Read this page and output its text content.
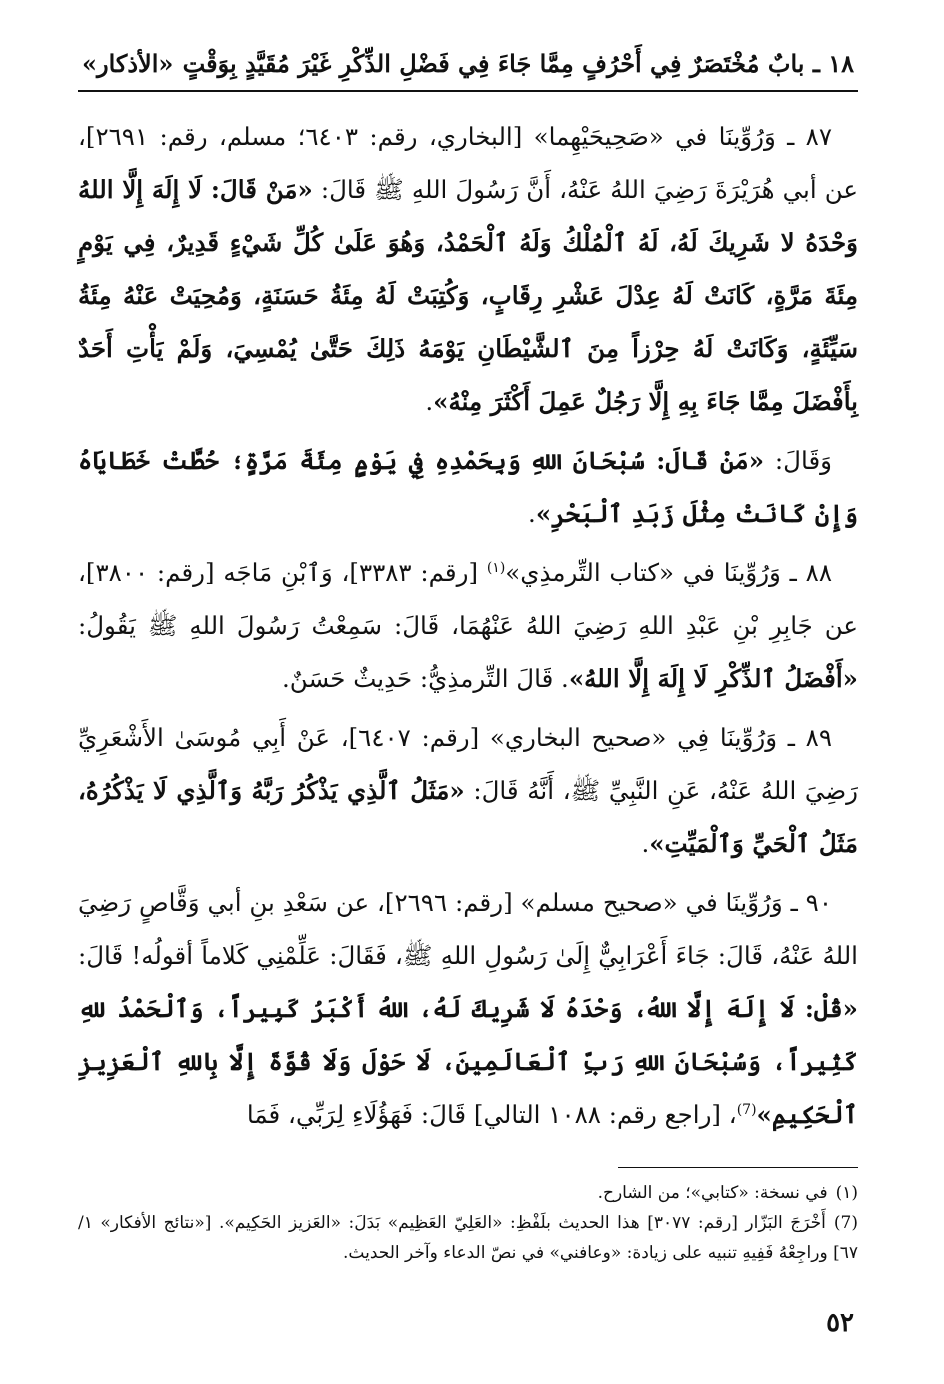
١٨ ـ بابٌ مُخْتَصَرٌ فِي أَحْرُفٍ مِمَّا جَاءَ فِي فَضْلِ الذِّكْرِ غَيْرَ مُقَيَّدٍ بِوَقْتٍ
«الأذكار»

٨٧ ـ وَرُوِّينَا في «صَحِيحَيْهِما» [البخاري، رقم: ٦٤٠٣؛ مسلم، رقم: ٢٦٩١]، عن أبي هُرَيْرَةَ رَضِيَ اللهُ عَنْهُ، أَنَّ رَسُولَ اللهِ ﷺ قَالَ: «مَنْ قَالَ: لَا إِلَهَ إِلَّا اللهُ وَحْدَهُ لا شَرِيكَ لَهُ، لَهُ ٱلْمُلْكُ وَلَهُ ٱلْحَمْدُ، وَهُوَ عَلَىٰ كُلِّ شَيْءٍ قَدِيرٌ، فِي يَوْمٍ مِئَةَ مَرَّةٍ، كَانَتْ لَهُ عِدْلَ عَشْرِ رِقَابٍ، وَكُتِبَتْ لَهُ مِئَةُ حَسَنَةٍ، وَمُحِيَتْ عَنْهُ مِئَةُ سَيِّئَةٍ، وَكَانَتْ لَهُ حِرْزاً مِنَ ٱلشَّيْطَانِ يَوْمَهُ ذَلِكَ حَتَّىٰ يُمْسِيَ، وَلَمْ يَأْتِ أَحَدٌ بِأَفْضَلَ مِمَّا جَاءَ بِهِ إِلَّا رَجُلٌ عَمِلَ أَكْثَرَ مِنْهُ».

وَقَالَ: «مَنْ قَالَ: سُبْحَانَ اللهِ وَبِحَمْدِهِ فِي يَوْمٍ مِئَةَ مَرَّةٍ؛ حُطَّتْ خَطَايَاهُ وَإِنْ كَانَتْ مِثْلَ زَبَدِ ٱلْبَحْرِ».

٨٨ ـ وَرُوِّينَا في «كتاب التِّرمذِي»$^{(١)}$ [رقم: ٣٣٨٣]، وَٱبْنِ مَاجَه [رقم: ٣٨٠٠]، عن جَابِرِ بْنِ عَبْدِ اللهِ رَضِيَ اللهُ عَنْهُمَا، قَالَ: سَمِعْتُ رَسُولَ اللهِ ﷺ يَقُولُ: «أَفْضَلُ ٱلذِّكْرِ لَا إِلَهَ إِلَّا اللهُ». قَالَ التِّرمذِيُّ: حَدِيثٌ حَسَنٌ.

٨٩ ـ وَرُوِّينَا فِي «صحيح البخاري» [رقم: ٦٤٠٧]، عَنْ أَبِي مُوسَىٰ الأَشْعَرِيِّ رَضِيَ اللهُ عَنْهُ، عَنِ النَّبِيِّ ﷺ، أَنَّهُ قَالَ: «مَثَلُ ٱلَّذِي يَذْكُرُ رَبَّهُ وَٱلَّذِي لَا يَذْكُرُهُ، مَثَلُ ٱلْحَيِّ وَٱلْمَيِّتِ».

٩٠ ـ وَرُوِّينَا في «صحيح مسلم» [رقم: ٢٦٩٦]، عن سَعْدِ بنِ أبي وَقَّاصٍ رَضِيَ اللهُ عَنْهُ، قَالَ: جَاءَ أَعْرَابِيٌّ إِلَىٰ رَسُولِ اللهِ ﷺ، فَقَالَ: عَلِّمْنِي كَلاماً أقولُه! قَالَ: «قُلْ: لَا إِلَهَ إِلَّا اللهُ، وَحْدَهُ لَا شَرِيكَ لَهُ، اللهُ أَكْبَرُ كَبِيراً، وَٱلْحَمْدُ للهِ كَثِيراً، وَسُبْحَانَ اللهِ رَبِّ ٱلْعَالَمِينَ، لَا حَوْلَ وَلَا قُوَّةَ إِلَّا بِاللهِ ٱلْعَزِيزِ ٱلْحَكِيمِ»$^{(7)}$، [راجع رقم: ١٠٨٨ التالي] قَالَ: فَهَؤُلَاءِ لِرَبِّي، فَمَا

(١)في نسخة: «كتابي»؛ من الشارح.

(7)أَخْرَجَ البَزّار [رقم: ٣٠٧٧] هذا الحديث بلَفْظِ: «العَلِيّ العَظِيم» بَدَلَ: «العَزيز الحَكِيم». [«نتائج الأفكار» ١/ ٦٧] وراجِعْهُ فَفِيهِ تنبيه على زيادة: «وعافني» في نصّ الدعاء وآخر الحديث.

٥٢
